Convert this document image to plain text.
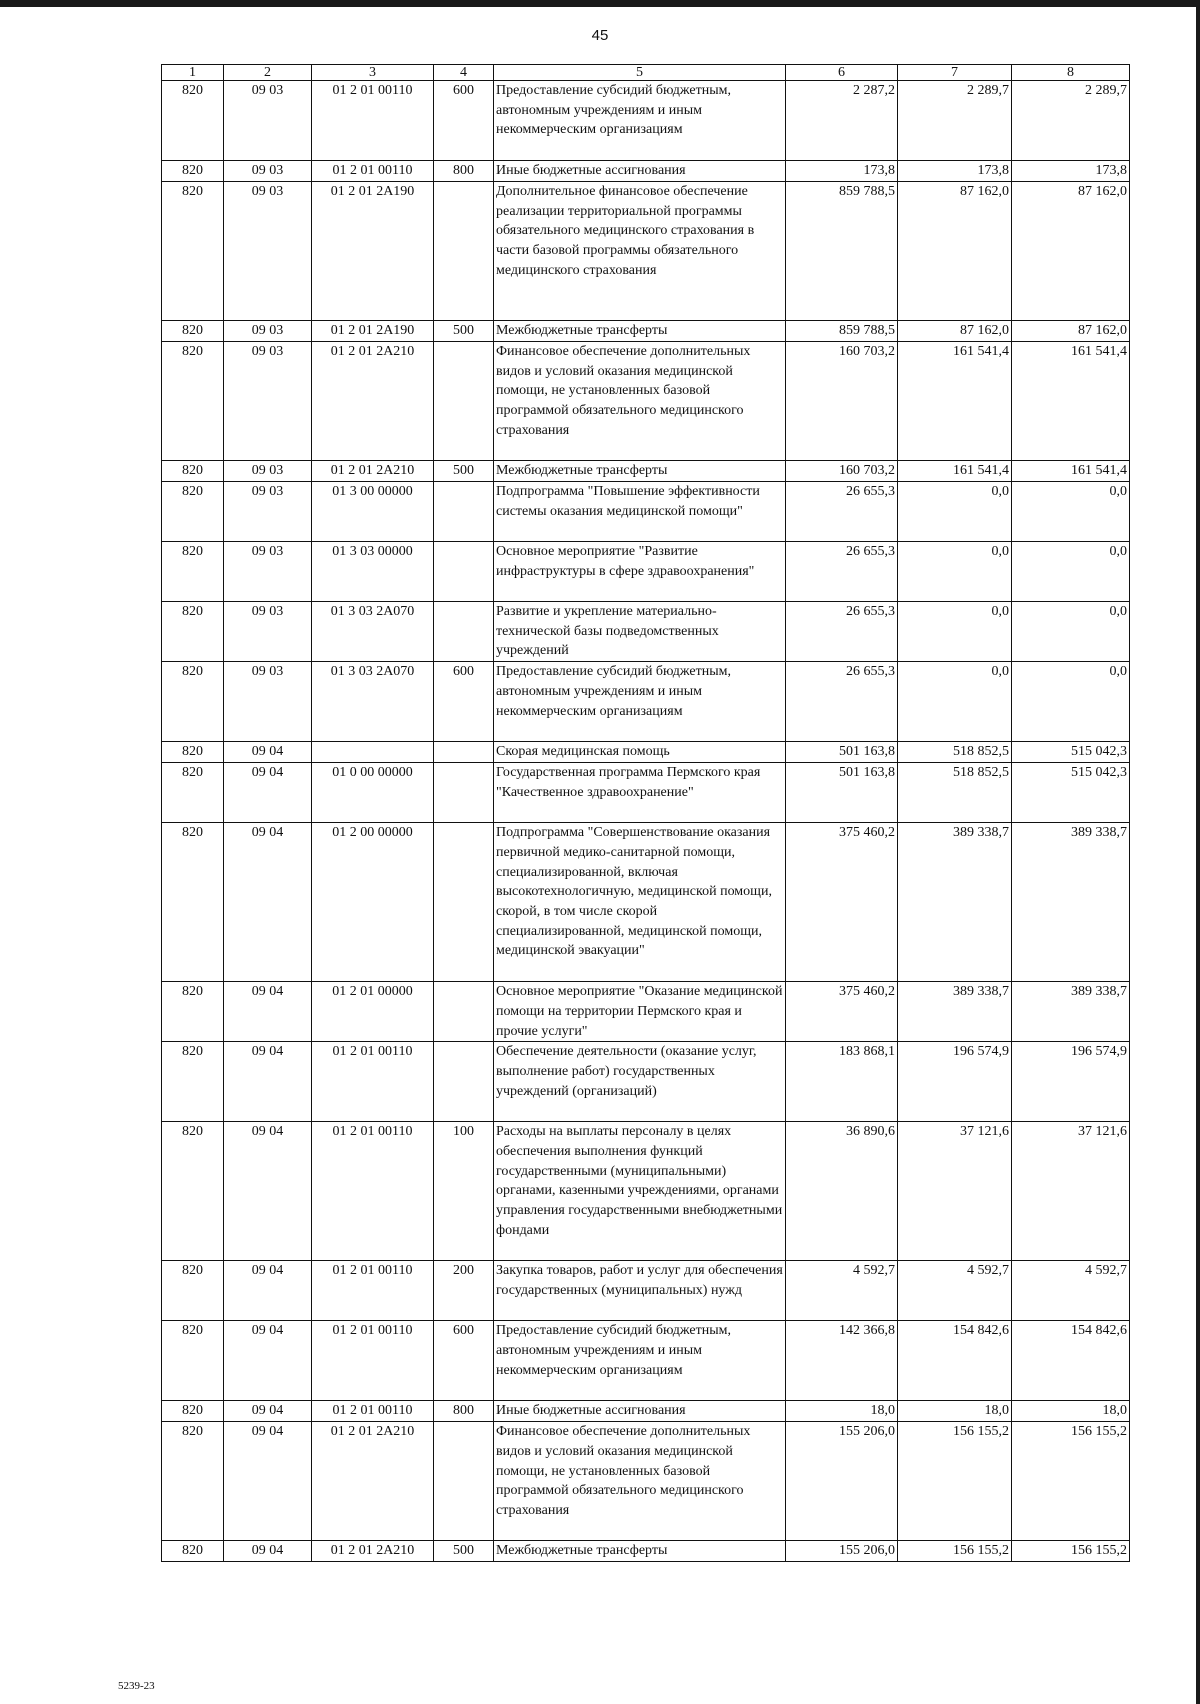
45
1	2	3	4	5	6	7	8
820	09 03	01 2 01 00110	600	Предоставление субсидий бюджетным, автономным учреждениям и иным некоммерческим организациям	2 287,2	2 289,7	2 289,7
820	09 03	01 2 01 00110	800	Иные бюджетные ассигнования	173,8	173,8	173,8
820	09 03	01 2 01 2А190		Дополнительное финансовое обеспечение реализации территориальной программы обязательного медицинского страхования в части базовой программы обязательного медицинского страхования	859 788,5	87 162,0	87 162,0
820	09 03	01 2 01 2А190	500	Межбюджетные трансферты	859 788,5	87 162,0	87 162,0
820	09 03	01 2 01 2А210		Финансовое обеспечение дополнительных видов и условий оказания медицинской помощи, не установленных базовой программой обязательного медицинского страхования	160 703,2	161 541,4	161 541,4
820	09 03	01 2 01 2А210	500	Межбюджетные трансферты	160 703,2	161 541,4	161 541,4
820	09 03	01 3 00 00000		Подпрограмма "Повышение эффективности системы оказания медицинской помощи"	26 655,3	0,0	0,0
820	09 03	01 3 03 00000		Основное мероприятие "Развитие инфраструктуры в сфере здравоохранения"	26 655,3	0,0	0,0
820	09 03	01 3 03 2А070		Развитие и укрепление материально-технической базы подведомственных учреждений	26 655,3	0,0	0,0
820	09 03	01 3 03 2А070	600	Предоставление субсидий бюджетным, автономным учреждениям и иным некоммерческим организациям	26 655,3	0,0	0,0
820	09 04			Скорая медицинская помощь	501 163,8	518 852,5	515 042,3
820	09 04	01 0 00 00000		Государственная программа Пермского края "Качественное здравоохранение"	501 163,8	518 852,5	515 042,3
820	09 04	01 2 00 00000		Подпрограмма "Совершенствование оказания первичной медико-санитарной помощи, специализированной, включая высокотехнологичную, медицинской помощи, скорой, в том числе скорой специализированной, медицинской помощи, медицинской эвакуации"	375 460,2	389 338,7	389 338,7
820	09 04	01 2 01 00000		Основное мероприятие "Оказание медицинской помощи на территории Пермского края и прочие услуги"	375 460,2	389 338,7	389 338,7
820	09 04	01 2 01 00110		Обеспечение деятельности (оказание услуг, выполнение работ) государственных учреждений (организаций)	183 868,1	196 574,9	196 574,9
820	09 04	01 2 01 00110	100	Расходы на выплаты персоналу в целях обеспечения выполнения функций государственными (муниципальными) органами, казенными учреждениями, органами управления государственными внебюджетными фондами	36 890,6	37 121,6	37 121,6
820	09 04	01 2 01 00110	200	Закупка товаров, работ и услуг для обеспечения государственных (муниципальных) нужд	4 592,7	4 592,7	4 592,7
820	09 04	01 2 01 00110	600	Предоставление субсидий бюджетным, автономным учреждениям и иным некоммерческим организациям	142 366,8	154 842,6	154 842,6
820	09 04	01 2 01 00110	800	Иные бюджетные ассигнования	18,0	18,0	18,0
820	09 04	01 2 01 2А210		Финансовое обеспечение дополнительных видов и условий оказания медицинской помощи, не установленных базовой программой обязательного медицинского страхования	155 206,0	156 155,2	156 155,2
820	09 04	01 2 01 2А210	500	Межбюджетные трансферты	155 206,0	156 155,2	156 155,2
5239-23
